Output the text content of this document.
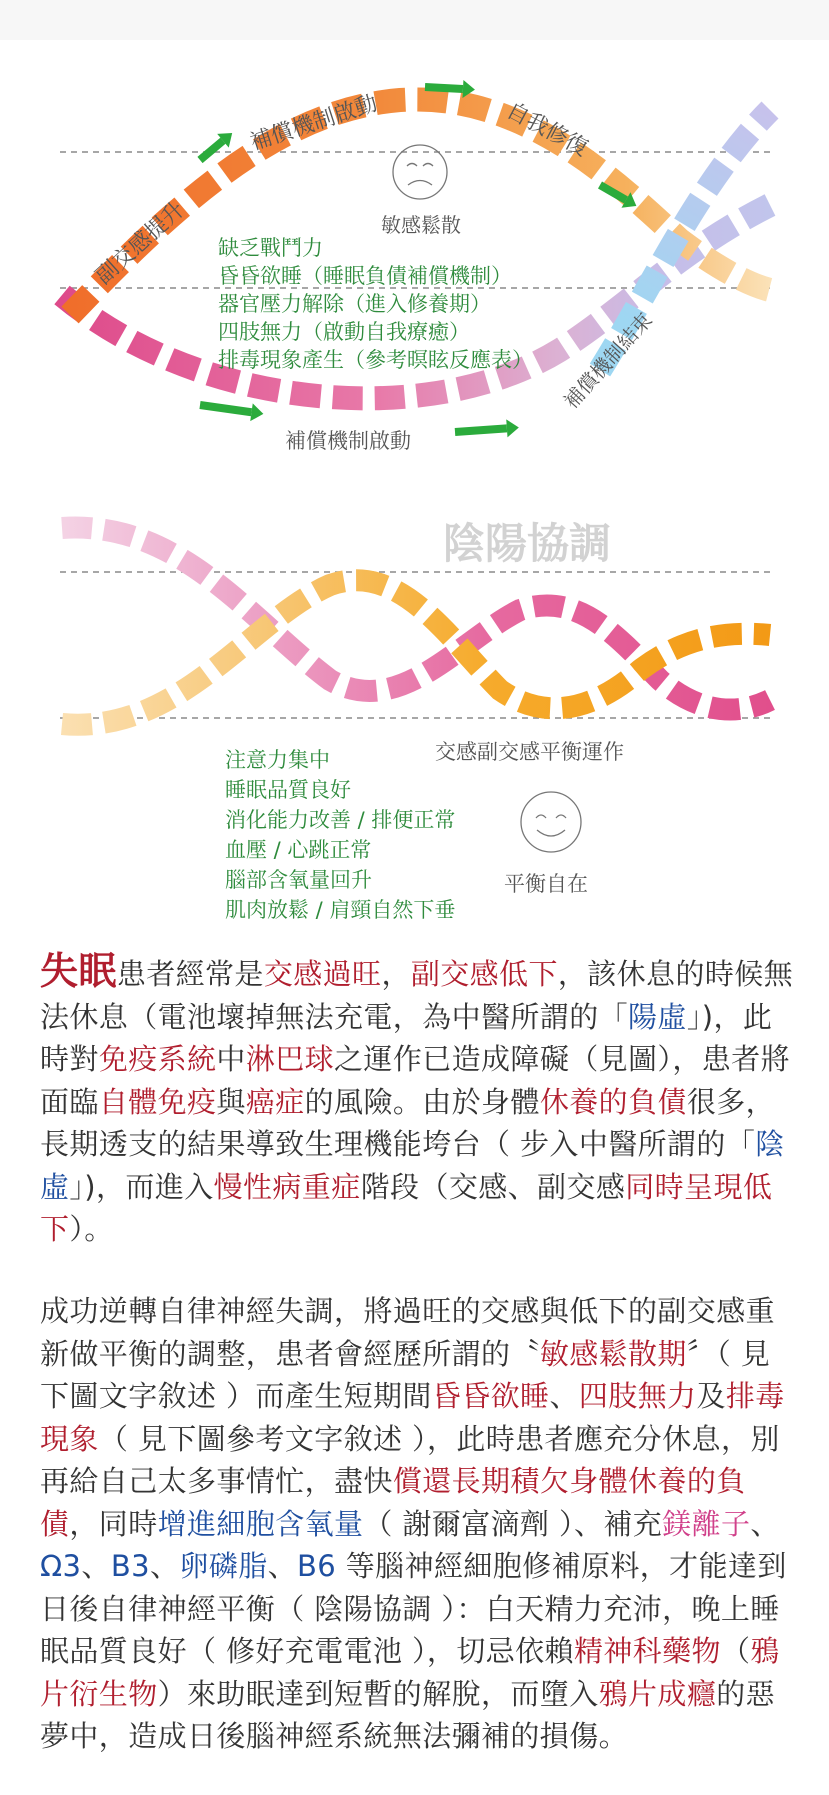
副交感提升
補償機制啟動	自我修復
補償機制結束
敏感鬆散
缺乏戰鬥力
昏昏欲睡（睡眠負債補償機制）
器官壓力解除（進入修養期）
四肢無力（啟動自我療癒）
排毒現象產生（參考暝眩反應表）
補償機制啟動
陰陽協調
交感副交感平衡運作
平衡自在
注意力集中
睡眠品質良好
消化能力改善 / 排便正常
血壓 / 心跳正常
腦部含氧量回升
肌肉放鬆 / 肩頸自然下垂

失眠患者經常是交感過旺，副交感低下，該休息的時候無法休息（電池壞掉無法充電，為中醫所謂的「陽虛」)，此時對免疫系統中淋巴球之運作已造成障礙（見圖），患者將面臨自體免疫與癌症的風險。由於身體休養的負債很多，長期透支的結果導致生理機能垮台（ 步入中醫所謂的「陰虛」)，而進入慢性病重症階段（交感、副交感同時呈現低下）。

成功逆轉自律神經失調，將過旺的交感與低下的副交感重新做平衡的調整，患者會經歷所謂的〝敏感鬆散期〞（ 見下圖文字敘述 ）而產生短期間昏昏欲睡、四肢無力及排毒現象（ 見下圖參考文字敘述 ），此時患者應充分休息，別再給自己太多事情忙，盡快償還長期積欠身體休養的負債，同時增進細胞含氧量（ 謝爾富滴劑 ）、補充鎂離子、Ω3、B3、卵磷脂、B6 等腦神經細胞修補原料，才能達到日後自律神經平衡（ 陰陽協調 ）：白天精力充沛，晚上睡眠品質良好（ 修好充電電池 ），切忌依賴精神科藥物（鴉片衍生物）來助眠達到短暫的解脫，而墮入鴉片成癮的惡夢中，造成日後腦神經系統無法彌補的損傷。
